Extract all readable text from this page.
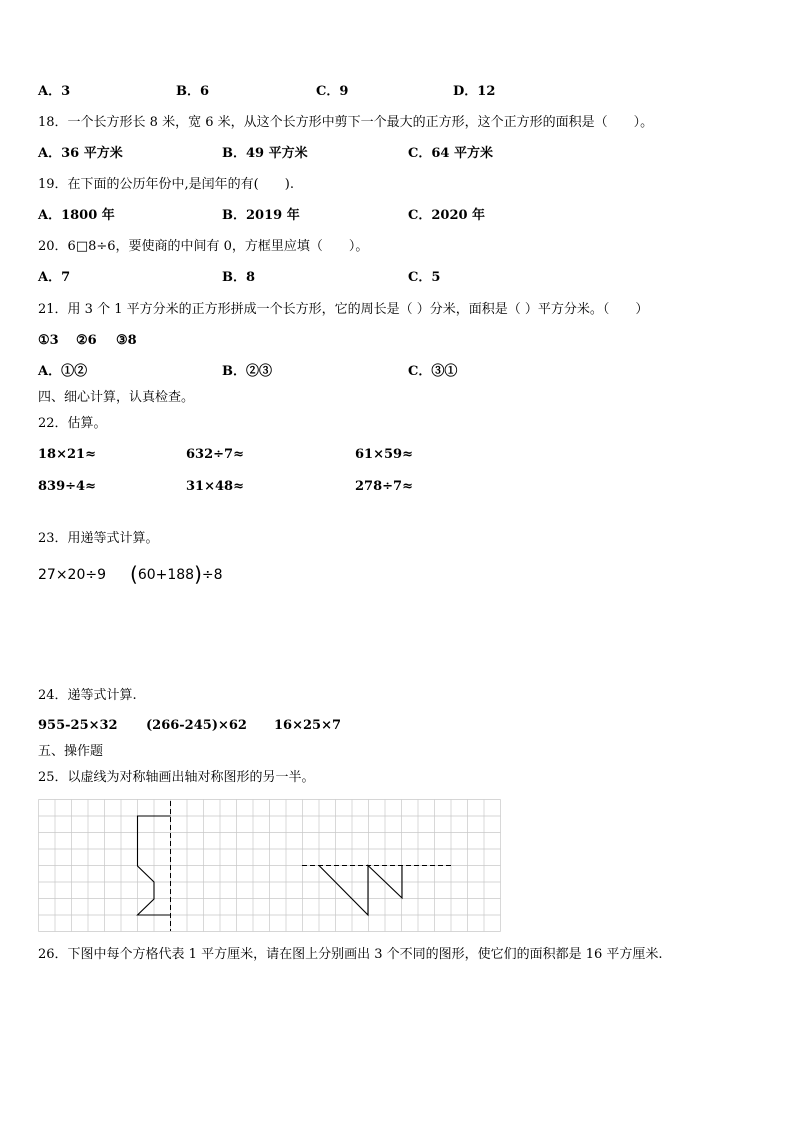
A．3	B．6	C．9	D．12
18．一个长方形长 8 米，宽 6 米，从这个长方形中剪下一个最大的正方形，这个正方形的面积是（　　）。
A．36 平方米	B．49 平方米	C．64 平方米
19．在下面的公历年份中,是闰年的有(　　).
A．1800 年	B．2019 年	C．2020 年
20．6□8÷6，要使商的中间有 0，方框里应填（　　）。
A．7	B．8	C．5
21．用 3 个 1 平方分米的正方形拼成一个长方形，它的周长是（ ）分米，面积是（ ）平方分米。（　　）
①3 ②6 ③8
A．①②	B．②③	C．③①
四、细心计算，认真检查。
22．估算。
18×21≈	632÷7≈	61×59≈
839÷4≈	31×48≈	278÷7≈
23．用递等式计算。
27×20÷9 (60+188)÷8
24．递等式计算.
955-25×32 (266-245)×62 16×25×7
五、操作题
25．以虚线为对称轴画出轴对称图形的另一半。
26．下图中每个方格代表 1 平方厘米，请在图上分别画出 3 个不同的图形，使它们的面积都是 16 平方厘米.
